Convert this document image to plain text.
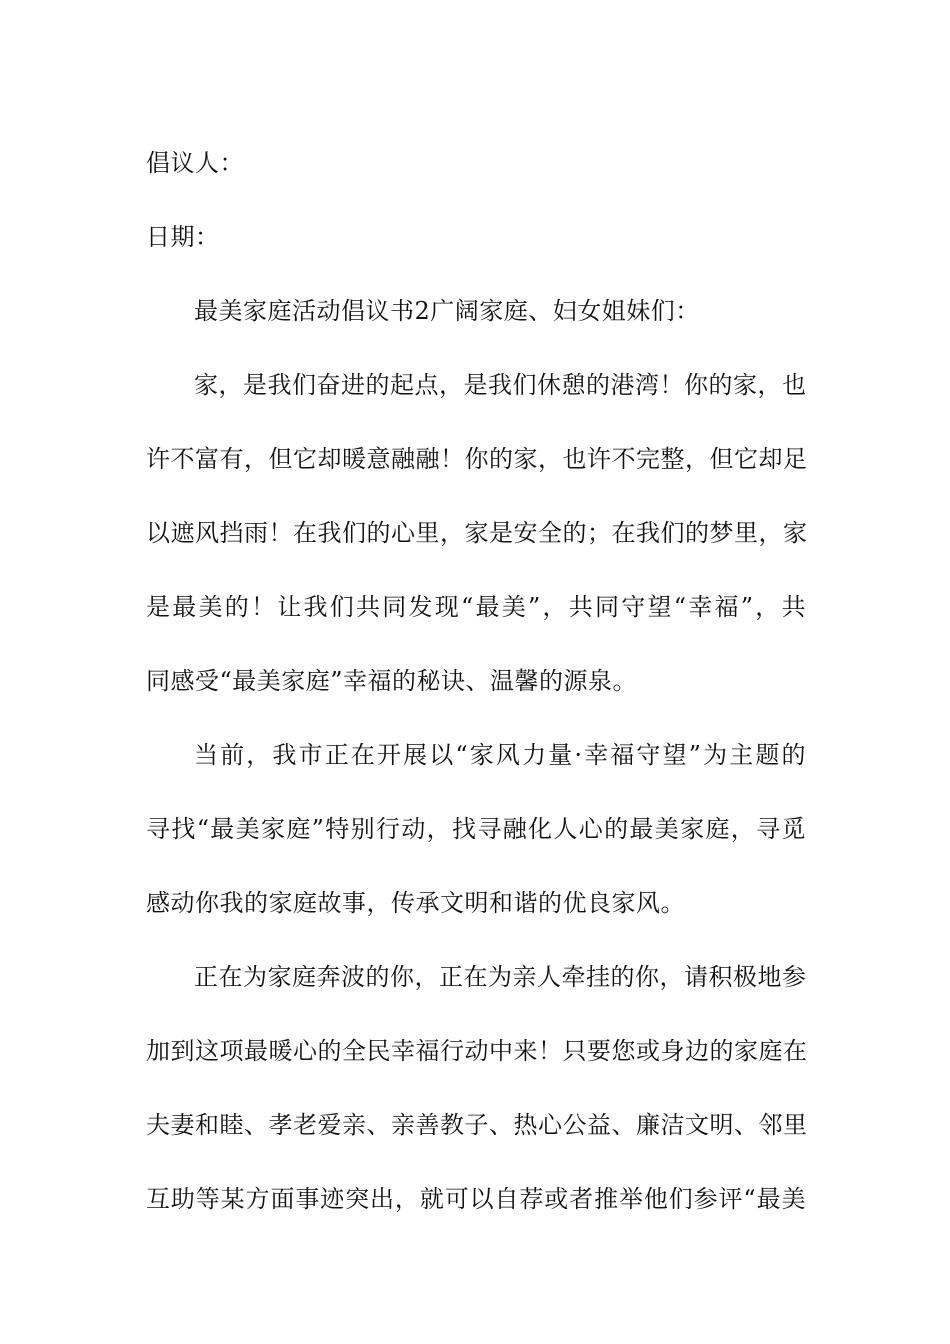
倡议人：
日期：
最美家庭活动倡议书2广阔家庭、妇女姐妹们：
家，是我们奋进的起点，是我们休憩的港湾！你的家，也
许不富有，但它却暖意融融！你的家，也许不完整，但它却足
以遮风挡雨！在我们的心里，家是安全的；在我们的梦里，家
是最美的！让我们共同发现“最美”，共同守望“幸福”，共
同感受“最美家庭”幸福的秘诀、温馨的源泉。
当前，我市正在开展以“家风力量·幸福守望”为主题的
寻找“最美家庭”特别行动，找寻融化人心的最美家庭，寻觅
感动你我的家庭故事，传承文明和谐的优良家风。
正在为家庭奔波的你，正在为亲人牵挂的你，请积极地参
加到这项最暖心的全民幸福行动中来！只要您或身边的家庭在
夫妻和睦、孝老爱亲、亲善教子、热心公益、廉洁文明、邻里
互助等某方面事迹突出，就可以自荐或者推举他们参评“最美
